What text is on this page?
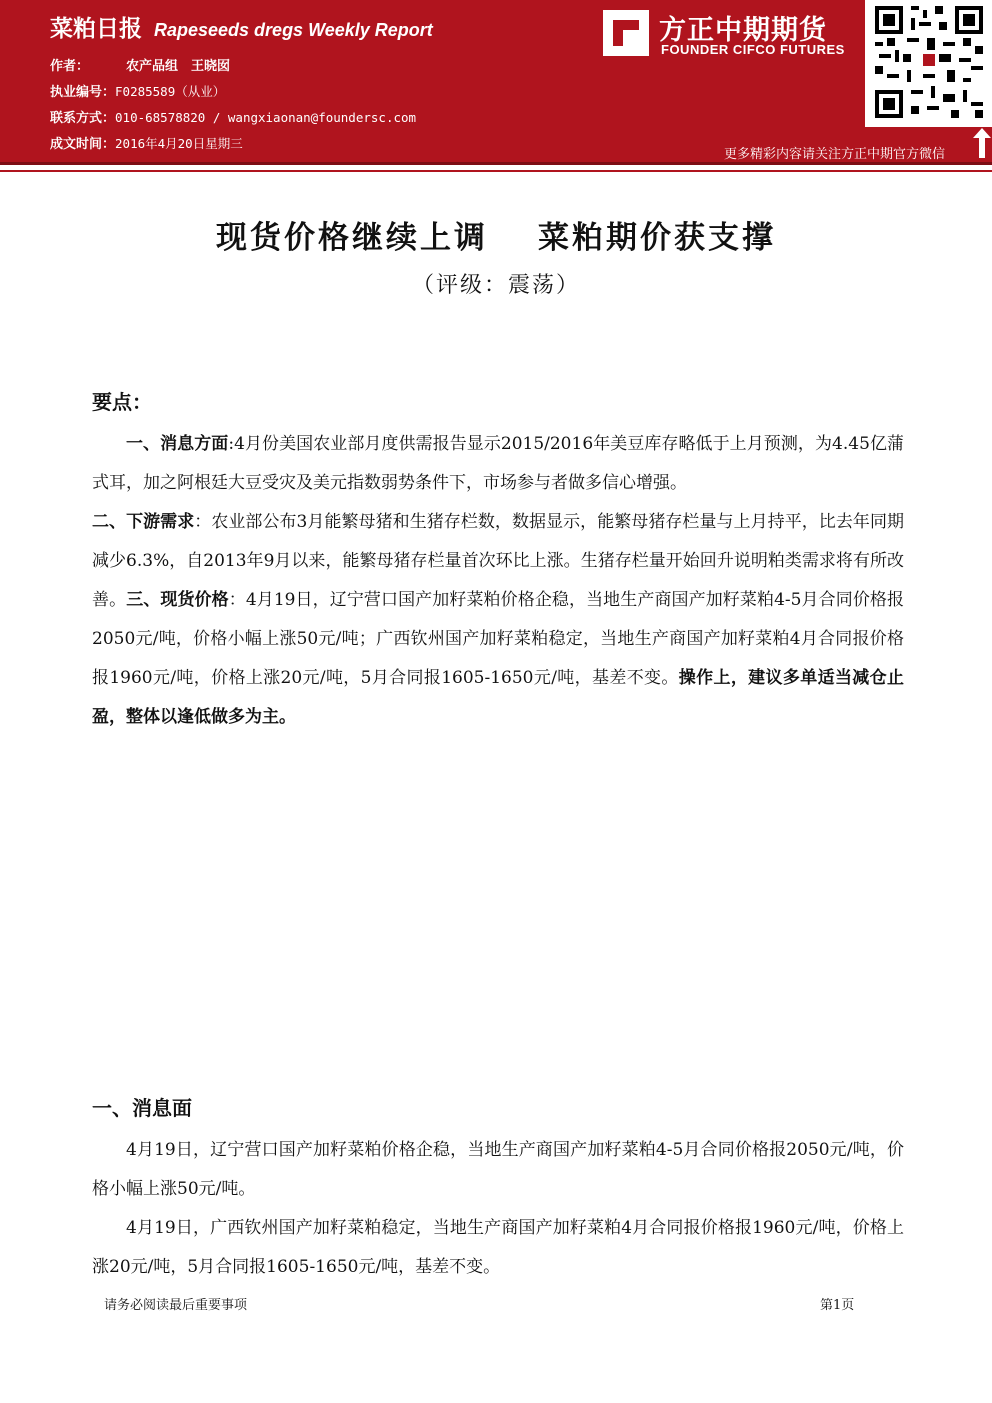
菜粕日报 Rapeseeds dregs Weekly Report
作者：	农产品组　王晓囡
执业编号：F0285589（从业）
联系方式：010-68578820 / wangxiaonan@foundersc.com
成文时间：2016年4月20日星期三
方正中期期货
FOUNDER CIFCO FUTURES
更多精彩内容请关注方正中期官方微信
现货价格继续上调 菜粕期价获支撑
（评级：震荡）
要点：
一、消息方面:4月份美国农业部月度供需报告显示2015/2016年美豆库存略低于上月预测，为4.45亿蒲式耳，加之阿根廷大豆受灾及美元指数弱势条件下，市场参与者做多信心增强。
二、下游需求：农业部公布3月能繁母猪和生猪存栏数，数据显示，能繁母猪存栏量与上月持平，比去年同期减少6.3%，自2013年9月以来，能繁母猪存栏量首次环比上涨。生猪存栏量开始回升说明粕类需求将有所改善。三、现货价格：4月19日，辽宁营口国产加籽菜粕价格企稳，当地生产商国产加籽菜粕4-5月合同价格报2050元/吨，价格小幅上涨50元/吨；广西钦州国产加籽菜粕稳定，当地生产商国产加籽菜粕4月合同报价格报1960元/吨，价格上涨20元/吨，5月合同报1605-1650元/吨，基差不变。操作上，建议多单适当减仓止盈，整体以逢低做多为主。
一、消息面
4月19日，辽宁营口国产加籽菜粕价格企稳，当地生产商国产加籽菜粕4-5月合同价格报2050元/吨，价格小幅上涨50元/吨。
4月19日，广西钦州国产加籽菜粕稳定，当地生产商国产加籽菜粕4月合同报价格报1960元/吨，价格上涨20元/吨，5月合同报1605-1650元/吨，基差不变。
请务必阅读最后重要事项	第1页
